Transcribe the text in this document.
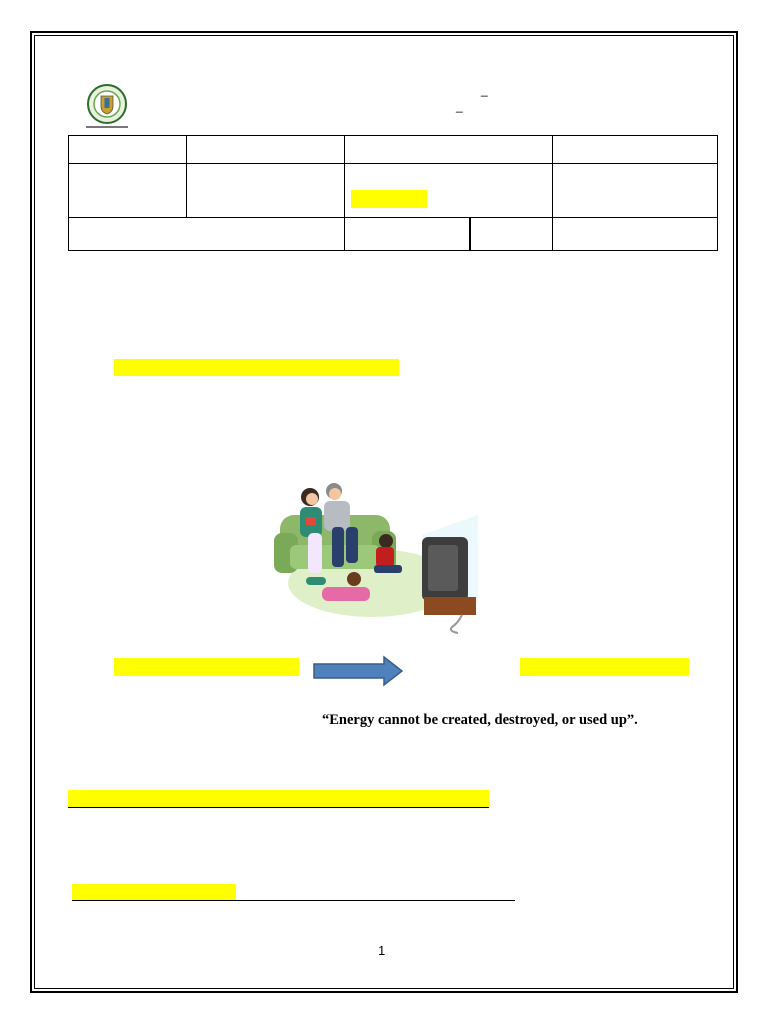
_
_
“Energy cannot be created, destroyed, or used up”.
1
